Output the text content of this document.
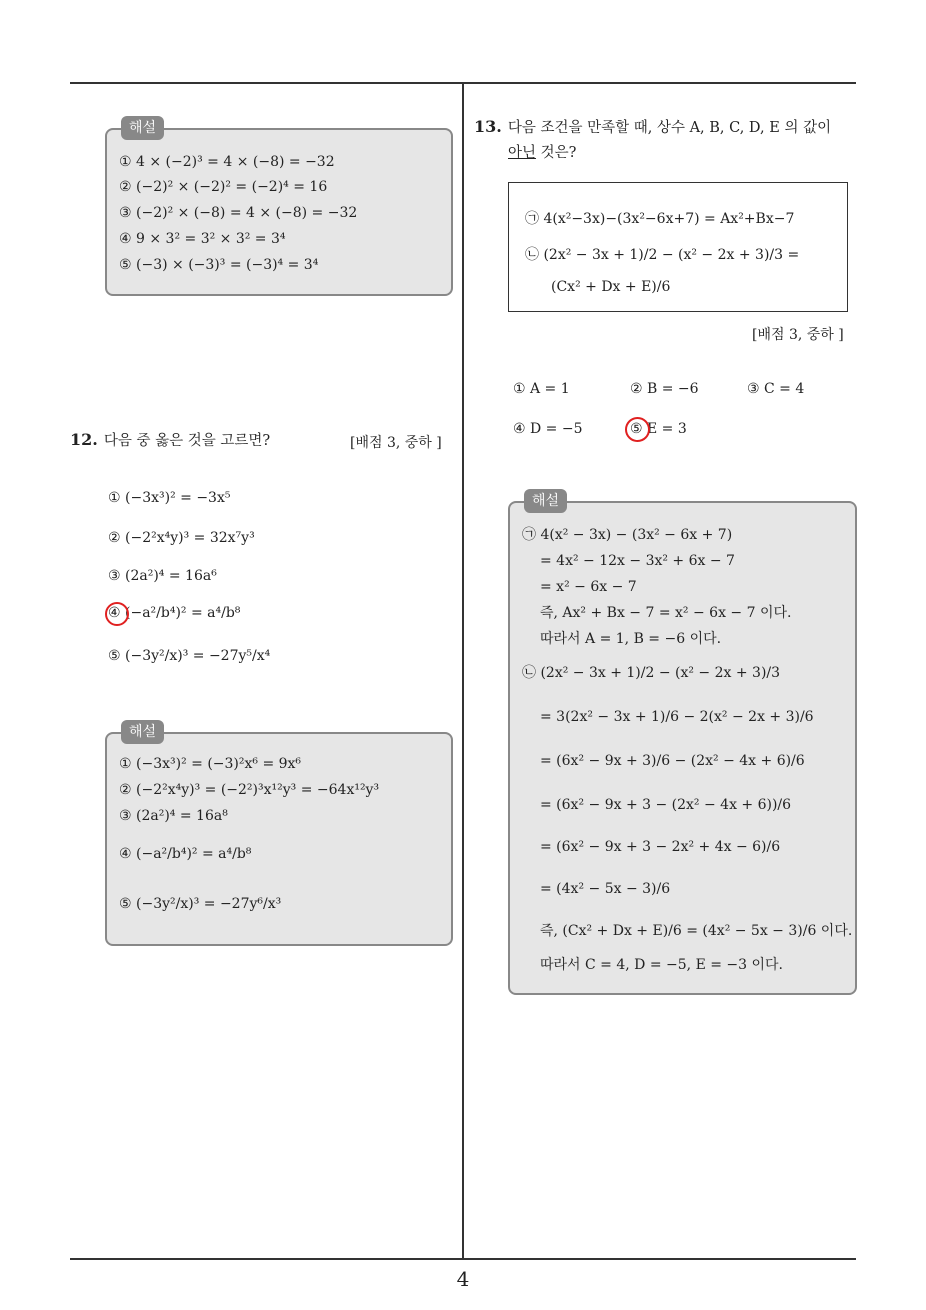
4
해설
① 4 × (−2)³ = 4 × (−8) = −32
② (−2)² × (−2)² = (−2)⁴ = 16
③ (−2)² × (−8) = 4 × (−8) = −32
④ 9 × 3² = 3² × 3² = 3⁴
⑤ (−3) × (−3)³ = (−3)⁴ = 3⁴
12. 다음 중 옳은 것을 고르면?	[배점 3, 중하 ]
① (−3x³)² = −3x⁵
② (−2²x⁴y)³ = 32x⁷y³
③ (2a²)⁴ = 16a⁶
④ (−a²/b⁴)² = a⁴/b⁸
⑤ (−3y²/x)³ = −27y⁵/x⁴
해설
① (−3x³)² = (−3)²x⁶ = 9x⁶
② (−2²x⁴y)³ = (−2²)³x¹²y³ = −64x¹²y³
③ (2a²)⁴ = 16a⁸
④ (−a²/b⁴)² = a⁴/b⁸
⑤ (−3y²/x)³ = −27y⁶/x³
13. 다음 조건을 만족할 때, 상수 A, B, C, D, E 의 값이
아닌 것은?
㉠ 4(x²−3x)−(3x²−6x+7) = Ax²+Bx−7
㉡ (2x² − 3x + 1)/2 − (x² − 2x + 3)/3 =
(Cx² + Dx + E)/6
[배점 3, 중하 ]
① A = 1	② B = −6	③ C = 4
④ D = −5	⑤ E = 3
해설
㉠ 4(x² − 3x) − (3x² − 6x + 7)
= 4x² − 12x − 3x² + 6x − 7
= x² − 6x − 7
즉, Ax² + Bx − 7 = x² − 6x − 7 이다.
따라서 A = 1, B = −6 이다.
㉡ (2x² − 3x + 1)/2 − (x² − 2x + 3)/3
= 3(2x² − 3x + 1)/6 − 2(x² − 2x + 3)/6
= (6x² − 9x + 3)/6 − (2x² − 4x + 6)/6
= (6x² − 9x + 3 − (2x² − 4x + 6))/6
= (6x² − 9x + 3 − 2x² + 4x − 6)/6
= (4x² − 5x − 3)/6
즉, (Cx² + Dx + E)/6 = (4x² − 5x − 3)/6 이다.
따라서 C = 4, D = −5, E = −3 이다.
